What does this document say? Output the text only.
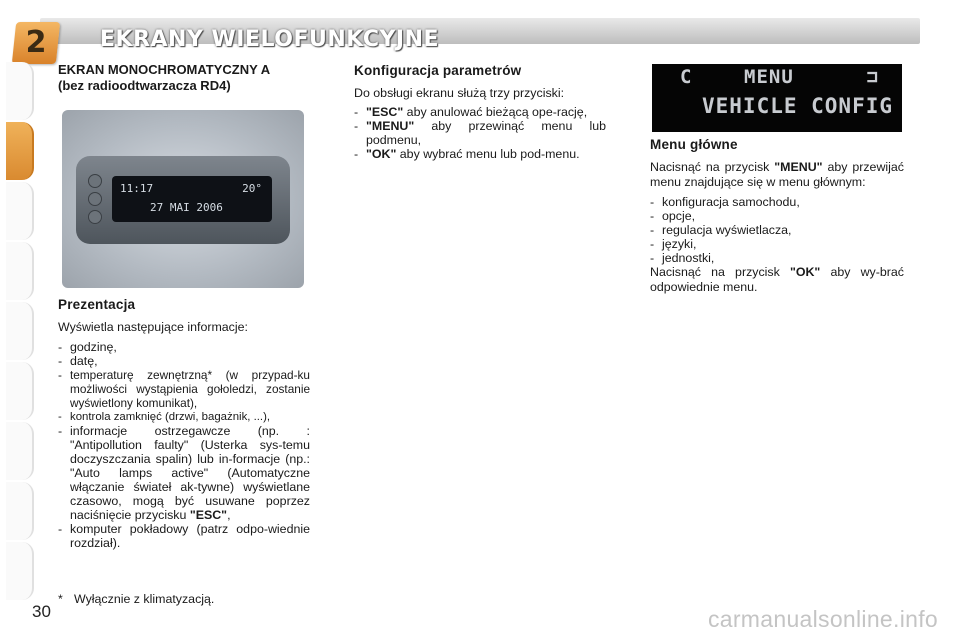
2	EKRANY WIELOFUNKCYJNE
EKRAN MONOCHROMATYCZNY A
(bez radioodtwarzacza RD4)
11:17	20°
27 MAI 2006
Prezentacja

Wyświetla następujące informacje:

- godzinę,
- datę,
- temperaturę zewnętrzną* (w przypad-ku możliwości wystąpienia gołoledzi, zostanie wyświetlony komunikat),
- kontrola zamknięć (drzwi, bagażnik, ...),
- informacje ostrzegawcze (np. : "Antipollution faulty" (Usterka sys-temu doczyszczania spalin) lub in-formacje (np.: "Auto lamps active" (Automatyczne włączanie świateł ak-tywne) wyświetlane czasowo, mogą być usuwane poprzez naciśnięcie przycisku "ESC",
- komputer pokładowy (patrz odpo-wiednie rozdział).
Konfiguracja parametrów

Do obsługi ekranu służą trzy przyciski:

- "ESC" aby anulować bieżącą ope-rację,
- "MENU" aby przewinąć menu lub podmenu,
- "OK" aby wybrać menu lub pod-menu.
C	MENU	⊐
VEHICLE CONFIG
Menu główne

Nacisnąć na przycisk "MENU" aby przewijać menu znajdujące się w menu głównym:

- konfiguracja samochodu,
- opcje,
- regulacja wyświetlacza,
- języki,
- jednostki,

Nacisnąć na przycisk "OK" aby wy-brać odpowiednie menu.

* Wyłącznie z klimatyzacją.
30	carmanualsonline.info
